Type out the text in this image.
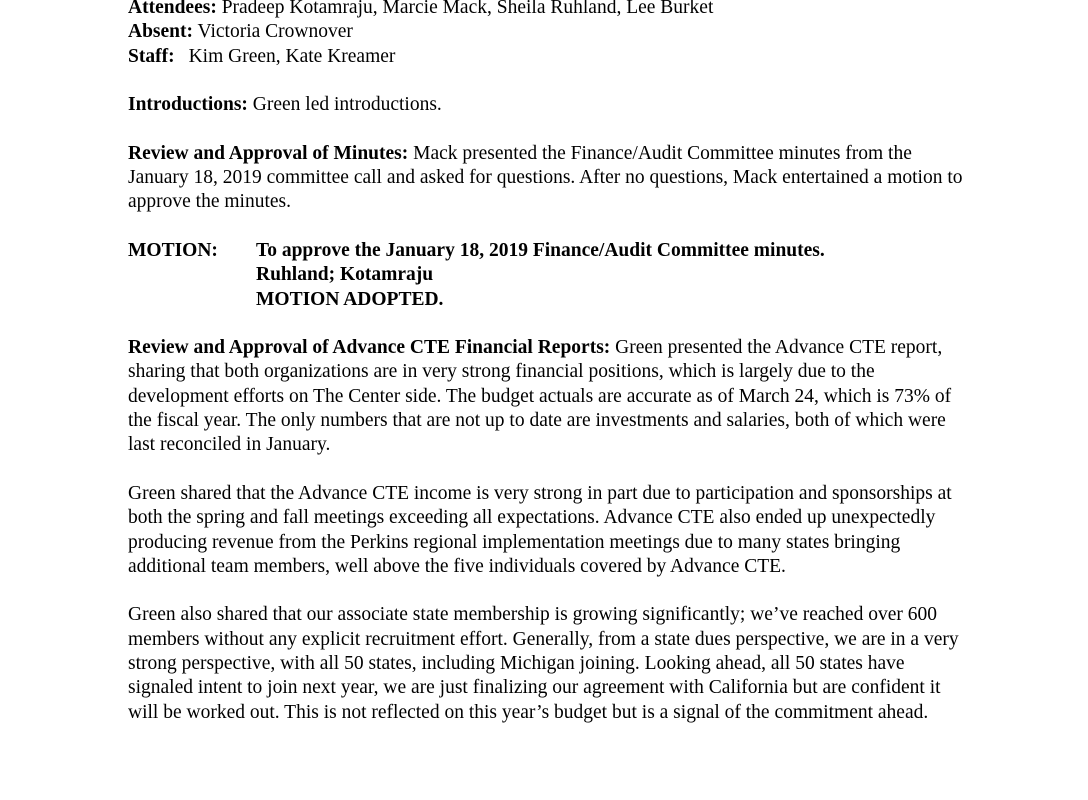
Attendees: Pradeep Kotamraju, Marcie Mack, Sheila Ruhland, Lee Burket

Absent: Victoria Crownover

Staff: Kim Green, Kate Kreamer

Introductions: Green led introductions.

Review and Approval of Minutes: Mack presented the Finance/Audit Committee minutes from the January 18, 2019 committee call and asked for questions. After no questions, Mack entertained a motion to approve the minutes.

MOTION:	To approve the January 18, 2019 Finance/Audit Committee minutes.

Ruhland; Kotamraju

MOTION ADOPTED.

Review and Approval of Advance CTE Financial Reports: Green presented the Advance CTE report, sharing that both organizations are in very strong financial positions, which is largely due to the development efforts on The Center side. The budget actuals are accurate as of March 24, which is 73% of the fiscal year. The only numbers that are not up to date are investments and salaries, both of which were last reconciled in January.

Green shared that the Advance CTE income is very strong in part due to participation and sponsorships at both the spring and fall meetings exceeding all expectations. Advance CTE also ended up unexpectedly producing revenue from the Perkins regional implementation meetings due to many states bringing additional team members, well above the five individuals covered by Advance CTE.

Green also shared that our associate state membership is growing significantly; we’ve reached over 600 members without any explicit recruitment effort. Generally, from a state dues perspective, we are in a very strong perspective, with all 50 states, including Michigan joining. Looking ahead, all 50 states have signaled intent to join next year, we are just finalizing our agreement with California but are confident it will be worked out. This is not reflected on this year’s budget but is a signal of the commitment ahead.
